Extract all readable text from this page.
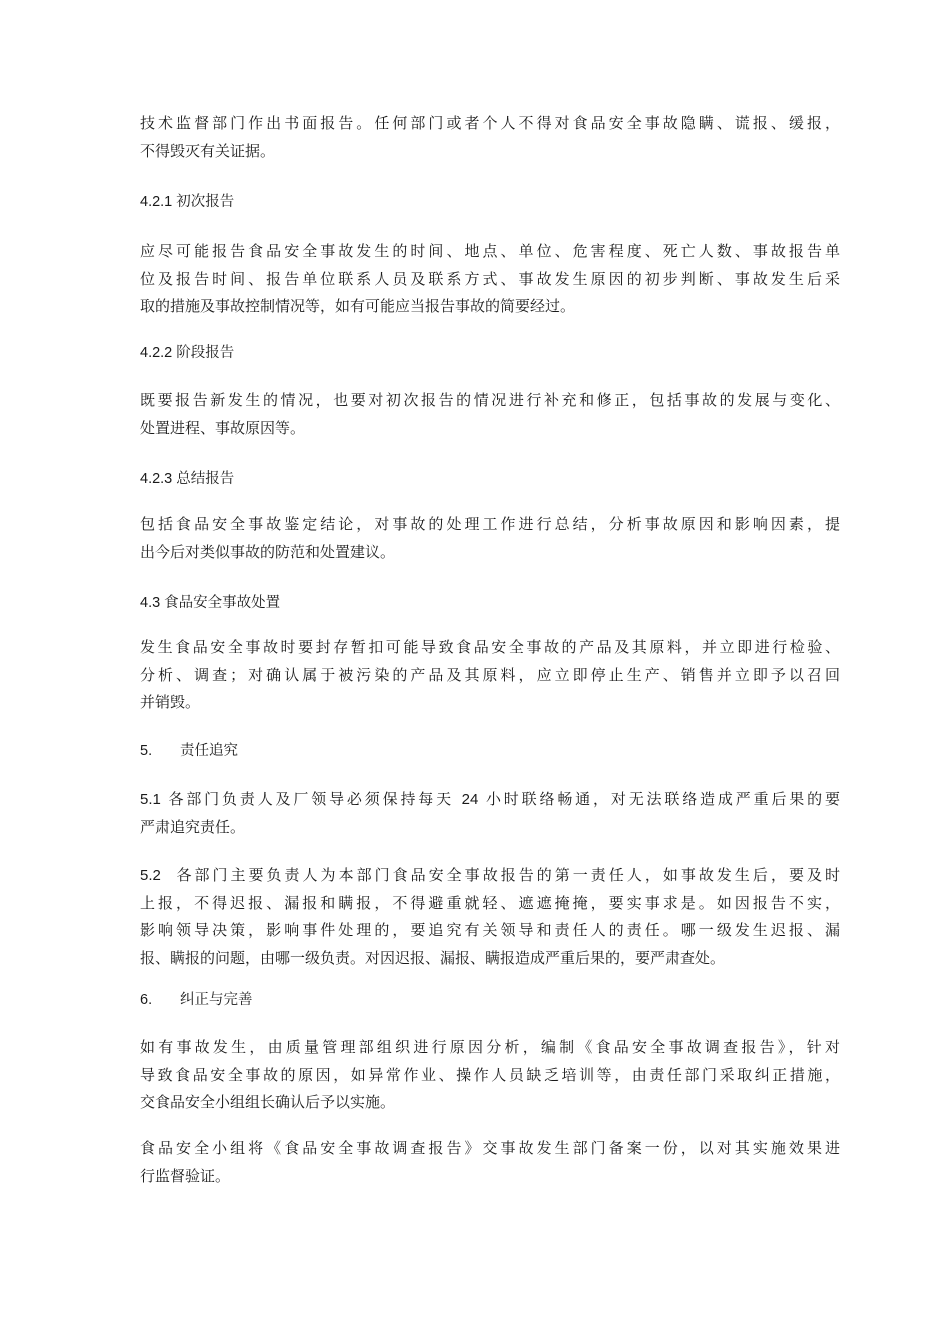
技术监督部门作出书面报告。任何部门或者个人不得对食品安全事故隐瞒、谎报、缓报，
不得毁灭有关证据。
4.2.1 初次报告
应尽可能报告食品安全事故发生的时间、地点、单位、危害程度、死亡人数、事故报告单
位及报告时间、报告单位联系人员及联系方式、事故发生原因的初步判断、事故发生后采
取的措施及事故控制情况等，如有可能应当报告事故的简要经过。
4.2.2 阶段报告
既要报告新发生的情况，也要对初次报告的情况进行补充和修正，包括事故的发展与变化、
处置进程、事故原因等。
4.2.3 总结报告
包括食品安全事故鉴定结论，对事故的处理工作进行总结，分析事故原因和影响因素，提
出今后对类似事故的防范和处置建议。
4.3 食品安全事故处置
发生食品安全事故时要封存暂扣可能导致食品安全事故的产品及其原料，并立即进行检验、
分析、调查；对确认属于被污染的产品及其原料，应立即停止生产、销售并立即予以召回
并销毁。
5. 责任追究
5.1 各部门负责人及厂领导必须保持每天 24 小时联络畅通，对无法联络造成严重后果的要
严肃追究责任。
5.2 各部门主要负责人为本部门食品安全事故报告的第一责任人，如事故发生后，要及时
上报，不得迟报、漏报和瞒报，不得避重就轻、遮遮掩掩，要实事求是。如因报告不实，
影响领导决策，影响事件处理的，要追究有关领导和责任人的责任。哪一级发生迟报、漏
报、瞒报的问题，由哪一级负责。对因迟报、漏报、瞒报造成严重后果的，要严肃查处。
6. 纠正与完善
如有事故发生，由质量管理部组织进行原因分析，编制《食品安全事故调查报告》，针对
导致食品安全事故的原因，如异常作业、操作人员缺乏培训等，由责任部门采取纠正措施，
交食品安全小组组长确认后予以实施。
食品安全小组将《食品安全事故调查报告》交事故发生部门备案一份，以对其实施效果进
行监督验证。
